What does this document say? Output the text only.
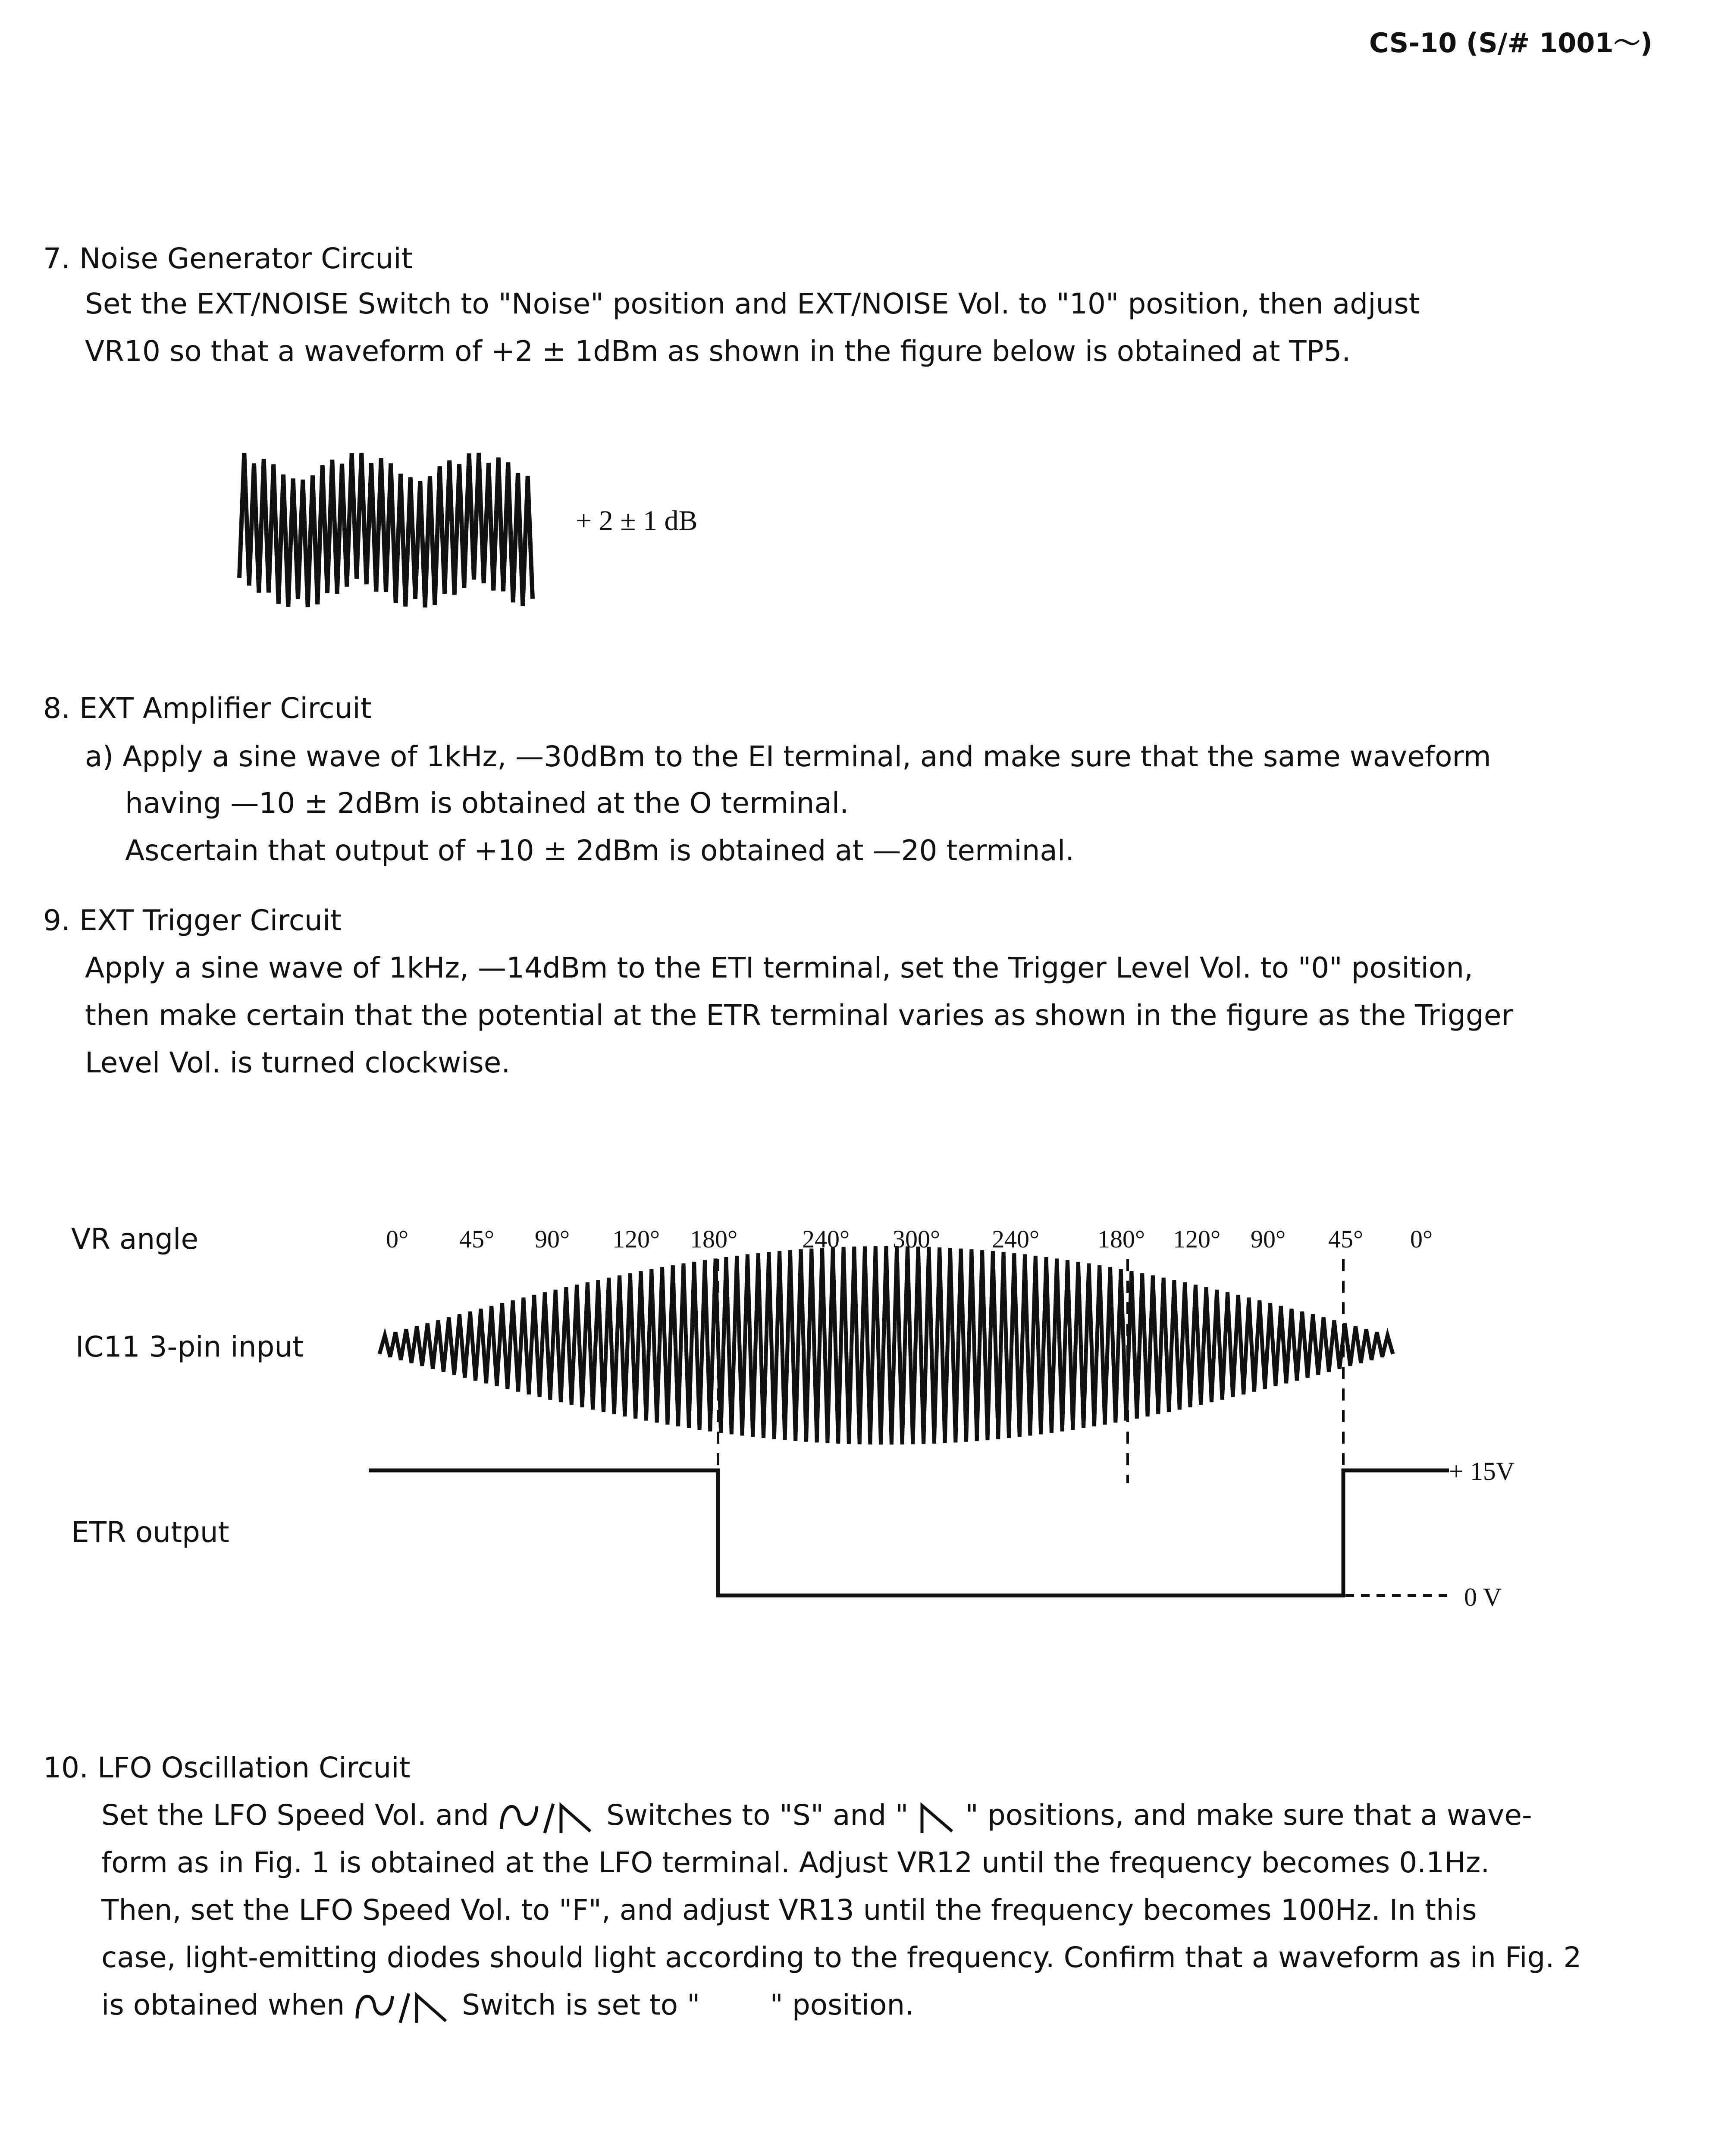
CS-10 (S/# 1001～)
7. Noise Generator Circuit
Set the EXT/NOISE Switch to "Noise" position and EXT/NOISE Vol. to "10" position, then adjust
VR10 so that a waveform of +2 ± 1dBm as shown in the figure below is obtained at TP5.
+ 2 ± 1 dB
8. EXT Amplifier Circuit
a) Apply a sine wave of 1kHz, —30dBm to the EI terminal, and make sure that the same waveform
having —10 ± 2dBm is obtained at the O terminal.
Ascertain that output of +10 ± 2dBm is obtained at —20 terminal.
9. EXT Trigger Circuit
Apply a sine wave of 1kHz, —14dBm to the ETI terminal, set the Trigger Level Vol. to "0" position,
then make certain that the potential at the ETR terminal varies as shown in the figure as the Trigger
Level Vol. is turned clockwise.
VR angle
IC11 3-pin input
ETR output
0° 45° 90° 120° 180°	240° 300° 240° 180° 120° 90° 45° 0°
+ 15V
0 V
10. LFO Oscillation Circuit
Set the LFO Speed Vol. and	Switches to "S" and " " positions, and make sure that a wave-
form as in Fig. 1 is obtained at the LFO terminal. Adjust VR12 until the frequency becomes 0.1Hz.
Then, set the LFO Speed Vol. to "F", and adjust VR13 until the frequency becomes 100Hz. In this
case, light-emitting diodes should light according to the frequency. Confirm that a waveform as in Fig. 2
is obtained when	Switch is set to " " position.
